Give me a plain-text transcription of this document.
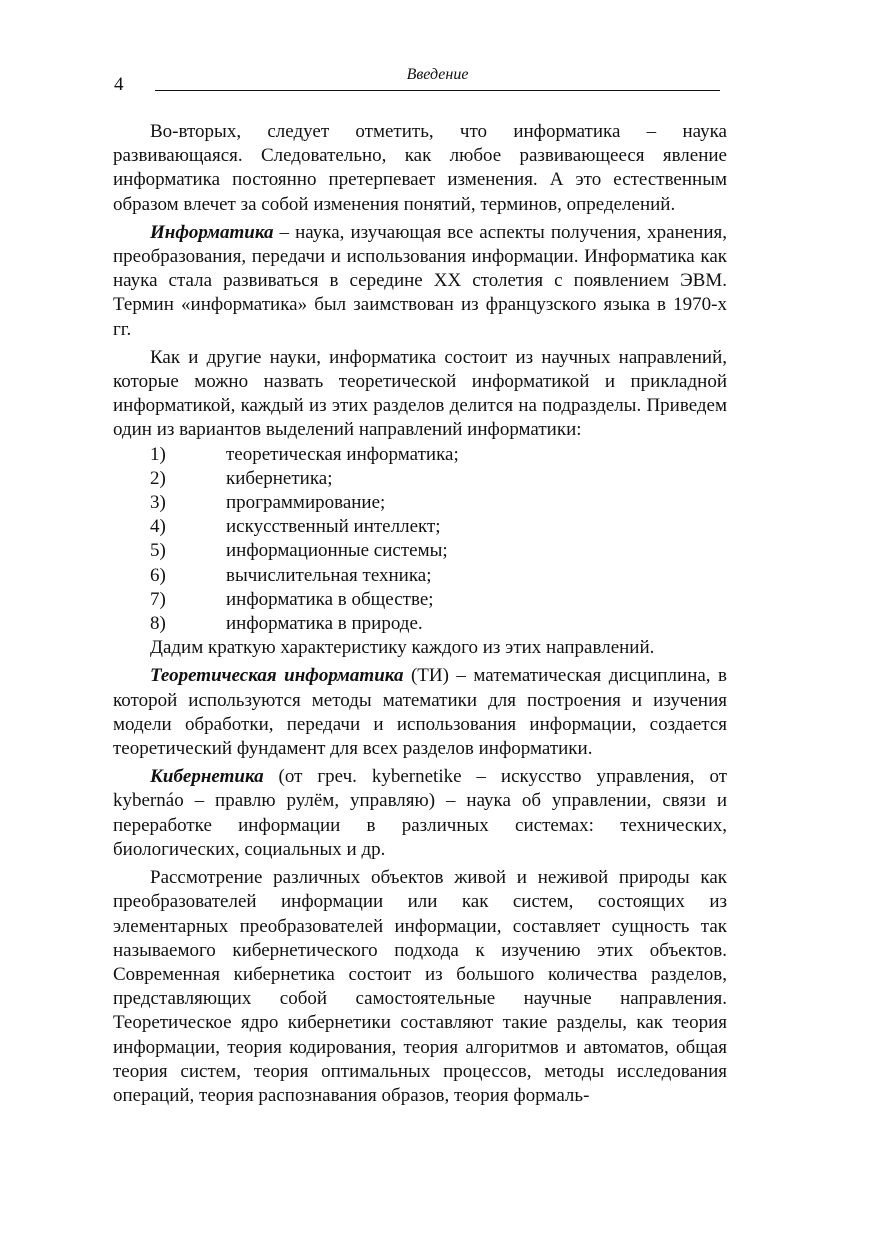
4	Введение

Во-вторых, следует отметить, что информатика – наука развивающаяся. Следовательно, как любое развивающееся явление информатика постоянно претерпевает изменения. А это естественным образом влечет за собой изменения понятий, терминов, определений.

Информатика – наука, изучающая все аспекты получения, хранения, преобразования, передачи и использования информации. Информатика как наука стала развиваться в середине XX столетия с появлением ЭВМ. Термин «информатика» был заимствован из французского языка в 1970-х гг.

Как и другие науки, информатика состоит из научных направлений, которые можно назвать теоретической информатикой и прикладной информатикой, каждый из этих разделов делится на подразделы. Приведем один из вариантов выделений направлений информатики:

1)	теоретическая информатика;
2)	кибернетика;
3)	программирование;
4)	искусственный интеллект;
5)	информационные системы;
6)	вычислительная техника;
7)	информатика в обществе;
8)	информатика в природе.

Дадим краткую характеристику каждого из этих направлений.

Теоретическая информатика (ТИ) – математическая дисциплина, в которой используются методы математики для построения и изучения модели обработки, передачи и использования информации, создается теоретический фундамент для всех разделов информатики.

Кибернетика (от греч. kybernetike – искусство управления, от kybernáo – правлю рулём, управляю) – наука об управлении, связи и переработке информации в различных системах: технических, биологических, социальных и др.

Рассмотрение различных объектов живой и неживой природы как преобразователей информации или как систем, состоящих из элементарных преобразователей информации, составляет сущность так называемого кибернетического подхода к изучению этих объектов. Современная кибернетика состоит из большого количества разделов, представляющих собой самостоятельные научные направления. Теоретическое ядро кибернетики составляют такие разделы, как теория информации, теория кодирования, теория алгоритмов и автоматов, общая теория систем, теория оптимальных процессов, методы исследования операций, теория распознавания образов, теория формаль-
